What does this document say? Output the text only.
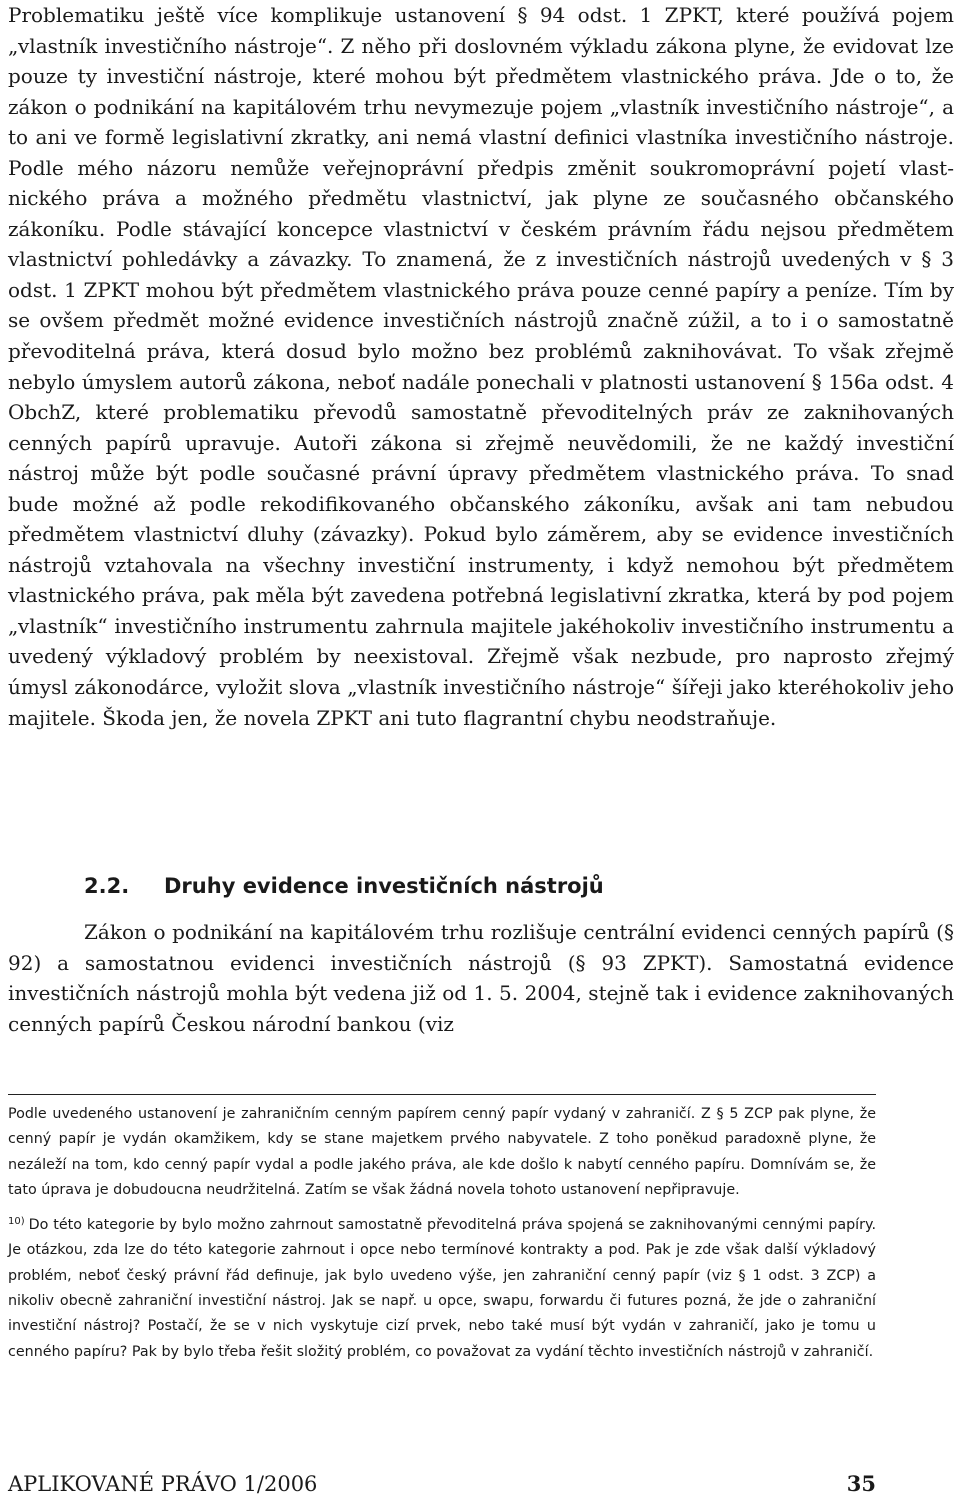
Problematiku ještě více komplikuje ustanovení § 94 odst. 1 ZPKT, které používá pojem „vlastník investičního nástroje“. Z něho při doslovném výkladu zákona plyne, že evidovat lze pouze ty investiční nástroje, které mohou být předmětem vlastnického práva. Jde o to, že zákon o podnikání na kapitálovém trhu nevymezuje pojem „vlastník investičního nástroje“, a to ani ve formě legislativní zkratky, ani nemá vlastní definici vlastníka investičního nástroje. Podle mého názoru nemůže veřejnoprávní předpis změnit soukromoprávní pojetí vlastnického práva a možného předmětu vlastnictví, jak plyne ze současného občanského zákoníku. Podle stávající koncepce vlastnictví v českém právním řádu nejsou předmětem vlastnictví pohledávky a závazky. To znamená, že z investičních nástrojů uvedených v § 3 odst. 1 ZPKT mohou být předmětem vlastnického práva pouze cenné papíry a peníze. Tím by se ovšem předmět možné evidence investičních nástrojů značně zúžil, a to i o samostatně převoditelná práva, která dosud bylo možno bez problémů zaknihovávat. To však zřejmě nebylo úmyslem autorů zákona, neboť nadále ponechali v platnosti ustanovení § 156a odst. 4 ObchZ, které problematiku převodů samostatně převoditelných práv ze zaknihovaných cenných papírů upravuje. Autoři zákona si zřejmě neuvědomili, že ne každý investiční nástroj může být podle současné právní úpravy předmětem vlastnického práva. To snad bude možné až podle rekodifikovaného občanského zákoníku, avšak ani tam nebudou předmětem vlastnictví dluhy (závazky). Pokud bylo záměrem, aby se evidence investičních nástrojů vztahovala na všechny investiční instrumenty, i když nemohou být předmětem vlastnického práva, pak měla být zavedena potřebná legislativní zkratka, která by pod pojem „vlastník“ investičního instrumentu zahrnula majitele jakéhokoliv investičního instrumentu a uvedený výkladový problém by neexistoval. Zřejmě však nezbude, pro naprosto zřejmý úmysl zákonodárce, vyložit slova „vlastník investičního nástroje“ šířeji jako kteréhokoliv jeho majitele. Škoda jen, že novela ZPKT ani tuto flagrantní chybu neodstraňuje.

2.2. Druhy evidence investičních nástrojů

Zákon o podnikání na kapitálovém trhu rozlišuje centrální evidenci cenných papírů (§ 92) a samostatnou evidenci investičních nástrojů (§ 93 ZPKT). Samostatná evidence investičních nástrojů mohla být vedena již od 1. 5. 2004, stejně tak i evidence zaknihovaných cenných papírů Českou národní bankou (viz

Podle uvedeného ustanovení je zahraničním cenným papírem cenný papír vydaný v zahraničí. Z § 5 ZCP pak plyne, že cenný papír je vydán okamžikem, kdy se stane majetkem prvého nabyvatele. Z toho poněkud paradoxně plyne, že nezáleží na tom, kdo cenný papír vydal a podle jakého práva, ale kde došlo k nabytí cenného papíru. Domnívám se, že tato úprava je dobudoucna neudržitelná. Zatím se však žádná novela tohoto ustanovení nepřipravuje.

$^{10)}$ Do této kategorie by bylo možno zahrnout samostatně převoditelná práva spojená se zaknihovanými cennými papíry. Je otázkou, zda lze do této kategorie zahrnout i opce nebo termínové kontrakty a pod. Pak je zde však další výkladový problém, neboť český právní řád definuje, jak bylo uvedeno výše, jen zahraniční cenný papír (viz § 1 odst. 3 ZCP) a nikoliv obecně zahraniční investiční nástroj. Jak se např. u opce, swapu, forwardu či futures pozná, že jde o zahraniční investiční nástroj? Postačí, že se v nich vyskytuje cizí prvek, nebo také musí být vydán v zahraničí, jako je tomu u cenného papíru? Pak by bylo třeba řešit složitý problém, co považovat za vydání těchto investičních nástrojů v zahraničí.

APLIKOVANÉ PRÁVO 1/2006	35
